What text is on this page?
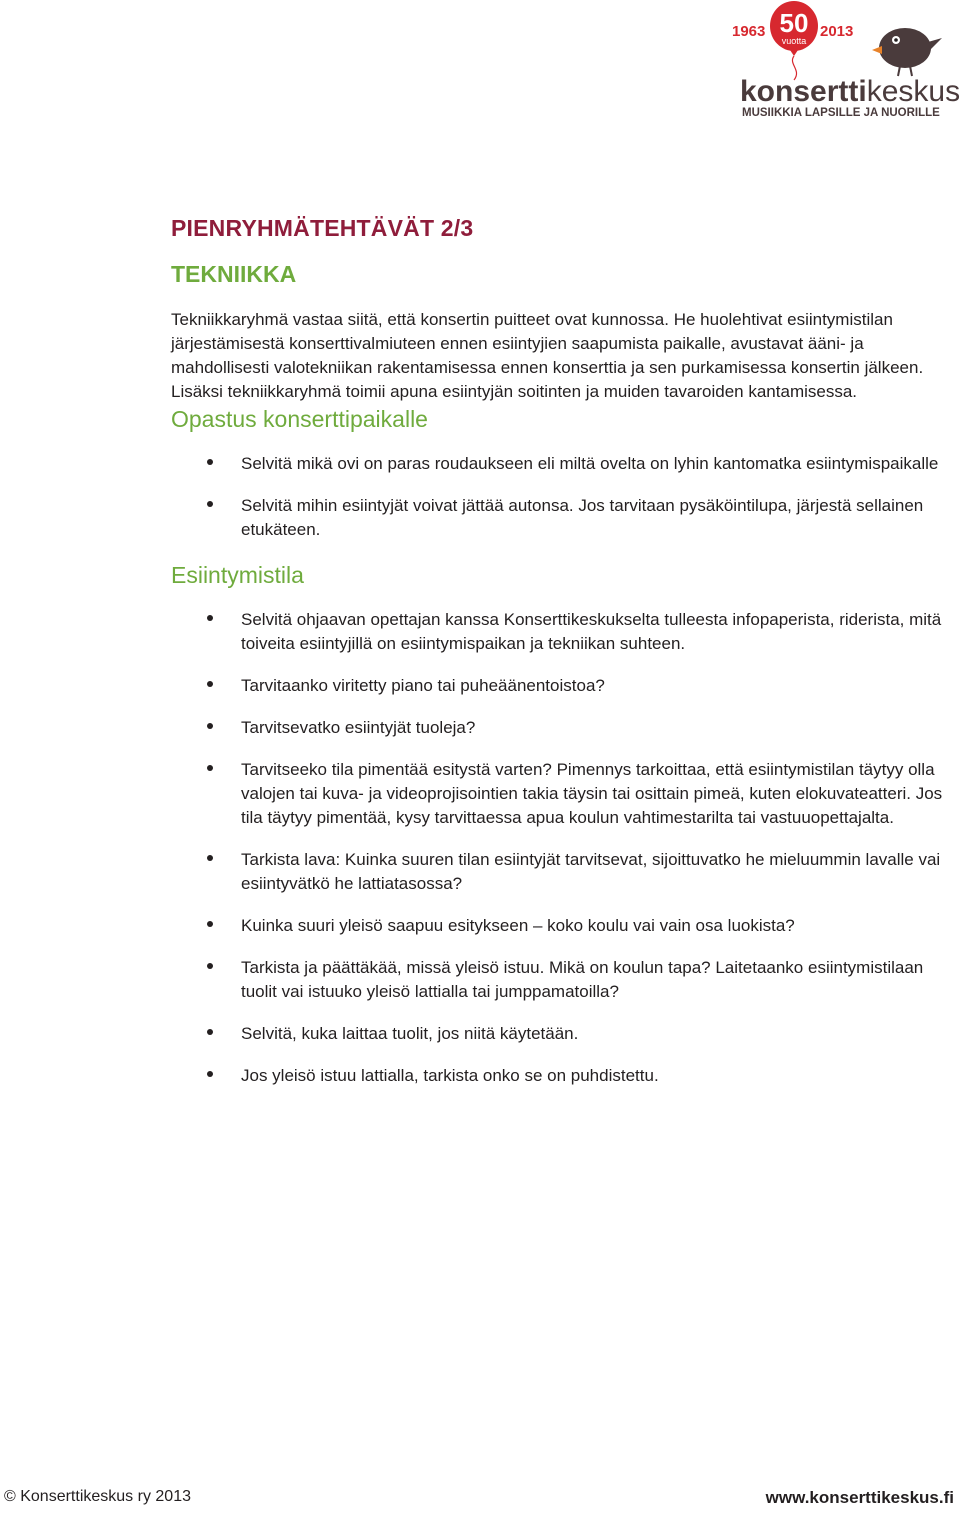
50
vuotta
1963	2013
konserttikeskus
MUSIIKKIA LAPSILLE JA NUORILLE
PIENRYHMÄTEHTÄVÄT 2/3
TEKNIIKKA

Tekniikkaryhmä vastaa siitä, että konsertin puitteet ovat kunnossa. He huolehtivat esiintymistilan järjestämisestä konserttivalmiuteen ennen esiintyjien saapumista paikalle, avustavat ääni- ja mahdollisesti valotekniikan rakentamisessa ennen konserttia ja sen purkamisessa konsertin jälkeen. Lisäksi tekniikkaryhmä toimii apuna esiintyjän soitinten ja muiden tavaroiden kantamisessa.

Opastus konserttipaikalle
Selvitä mikä ovi on paras roudaukseen eli miltä ovelta on lyhin kantomatka esiintymispaikalle
Selvitä mihin esiintyjät voivat jättää autonsa. Jos tarvitaan pysäköintilupa, järjestä sellainen etukäteen.
Esiintymistila
Selvitä ohjaavan opettajan kanssa Konserttikeskukselta tulleesta infopaperista, riderista, mitä toiveita esiintyjillä on esiintymispaikan ja tekniikan suhteen.
Tarvitaanko viritetty piano tai puheäänentoistoa?
Tarvitsevatko esiintyjät tuoleja?
Tarvitseeko tila pimentää esitystä varten? Pimennys tarkoittaa, että esiintymistilan täytyy olla valojen tai kuva- ja videoprojisointien takia täysin tai osittain pimeä, kuten elokuvateatteri. Jos tila täytyy pimentää, kysy tarvittaessa apua koulun vahtimestarilta tai vastuuopettajalta.
Tarkista lava: Kuinka suuren tilan esiintyjät tarvitsevat, sijoittuvatko he mieluummin lavalle vai esiintyvätkö he lattiatasossa?
Kuinka suuri yleisö saapuu esitykseen – koko koulu vai vain osa luokista?
Tarkista ja päättäkää, missä yleisö istuu. Mikä on koulun tapa? Laitetaanko esiintymistilaan tuolit vai istuuko yleisö lattialla tai jumppamatoilla?
Selvitä, kuka laittaa tuolit, jos niitä käytetään.
Jos yleisö istuu lattialla, tarkista onko se on puhdistettu.
© Konserttikeskus ry 2013	www.konserttikeskus.fi
